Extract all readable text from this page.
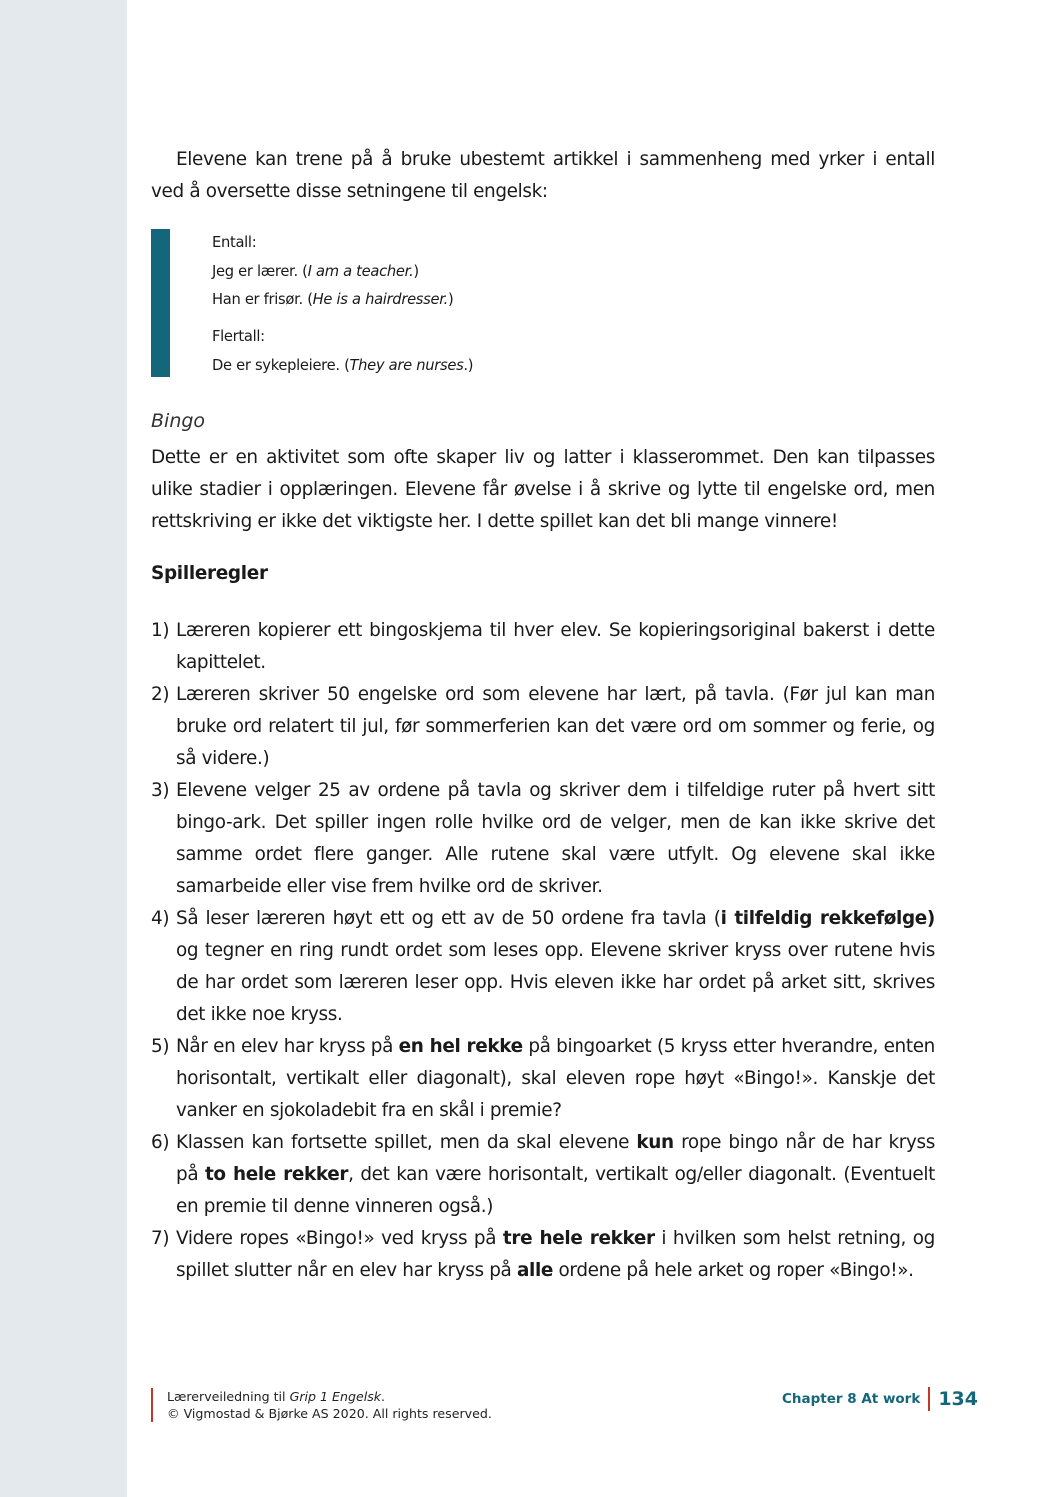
Elevene kan trene på å bruke ubestemt artikkel i sammenheng med yrker i entall ved å oversette disse setningene til engelsk:

Entall:
Jeg er lærer. (I am a teacher.)
Han er frisør. (He is a hairdresser.)
Flertall:
De er sykepleiere. (They are nurses.)
Bingo

Dette er en aktivitet som ofte skaper liv og latter i klasserommet. Den kan tilpasses ulike stadier i opplæringen. Elevene får øvelse i å skrive og lytte til engelske ord, men rettskriving er ikke det viktigste her. I dette spillet kan det bli mange vinnere!

Spilleregler
1) Læreren kopierer ett bingoskjema til hver elev. Se kopieringsoriginal bakerst i dette kapittelet.
2) Læreren skriver 50 engelske ord som elevene har lært, på tavla. (Før jul kan man bruke ord relatert til jul, før sommerferien kan det være ord om sommer og ferie, og så videre.)
3) Elevene velger 25 av ordene på tavla og skriver dem i tilfeldige ruter på hvert sitt bingo-ark. Det spiller ingen rolle hvilke ord de velger, men de kan ikke skrive det samme ordet flere ganger. Alle rutene skal være utfylt. Og elevene skal ikke samarbeide eller vise frem hvilke ord de skriver.
4) Så leser læreren høyt ett og ett av de 50 ordene fra tavla (i tilfeldig rekkefølge) og tegner en ring rundt ordet som leses opp. Elevene skriver kryss over rutene hvis de har ordet som læreren leser opp. Hvis eleven ikke har ordet på arket sitt, skrives det ikke noe kryss.
5) Når en elev har kryss på en hel rekke på bingoarket (5 kryss etter hverandre, enten horisontalt, vertikalt eller diagonalt), skal eleven rope høyt «Bingo!». Kanskje det vanker en sjokoladebit fra en skål i premie?
6) Klassen kan fortsette spillet, men da skal elevene kun rope bingo når de har kryss på to hele rekker, det kan være horisontalt, vertikalt og/eller diagonalt. (Eventuelt en premie til denne vinneren også.)
7) Videre ropes «Bingo!» ved kryss på tre hele rekker i hvilken som helst retning, og spillet slutter når en elev har kryss på alle ordene på hele arket og roper «Bingo!».
Lærerveiledning til Grip 1 Engelsk.
© Vigmostad & Bjørke AS 2020. All rights reserved.
Chapter 8 At work 134
